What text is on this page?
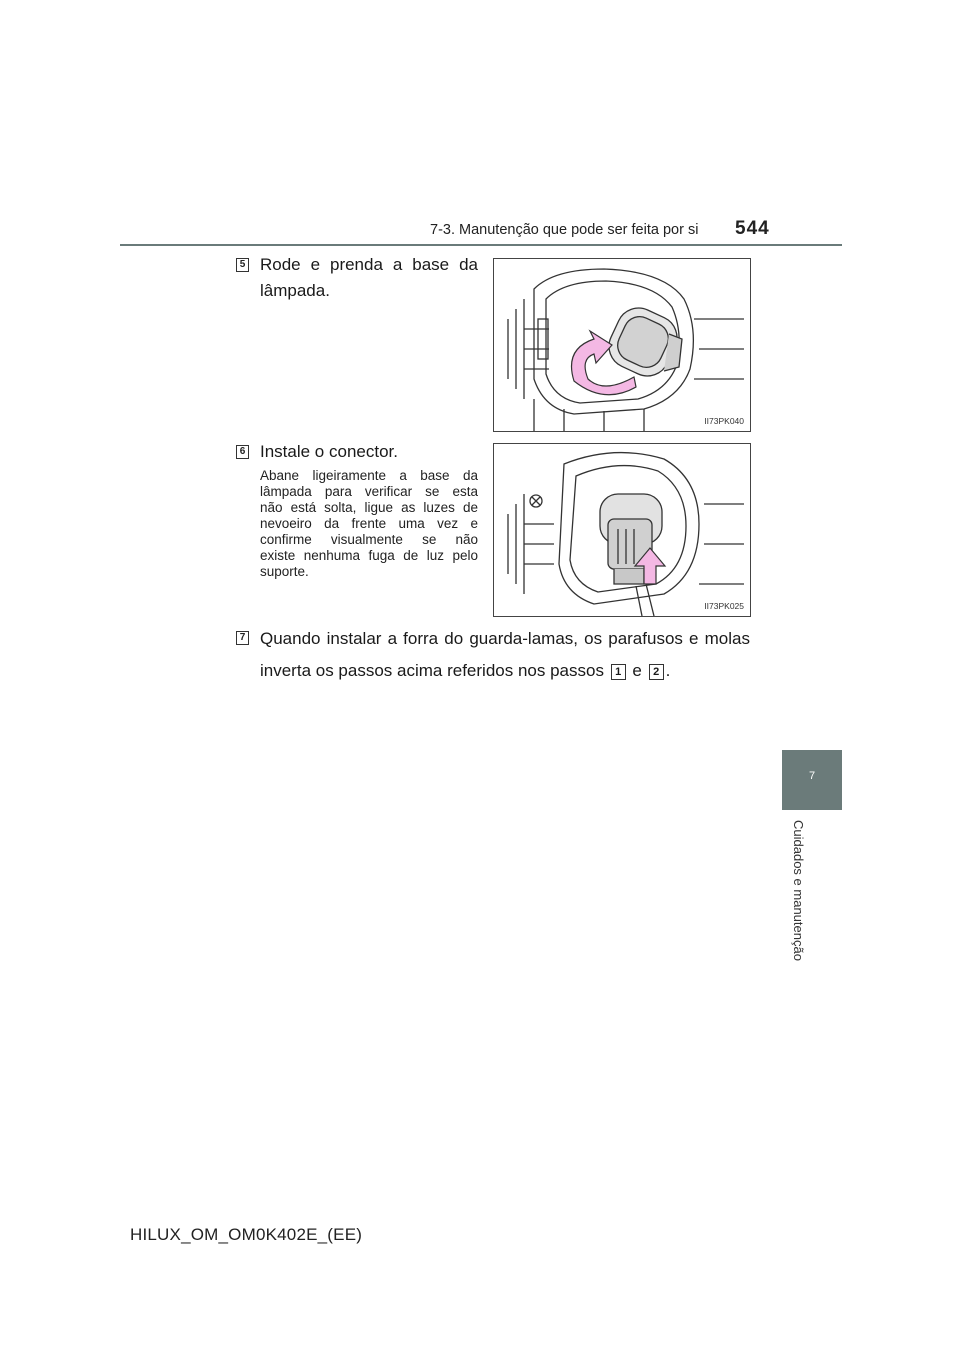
7-3. Manutenção que pode ser feita por si 544
5 Rode e prenda a base da
lâmpada.
II73PK040
6 Instale o conector.
Abane ligeiramente a base da
lâmpada para verificar se esta
não está solta, ligue as luzes de
nevoeiro da frente uma vez e
confirme visualmente se não
existe nenhuma fuga de luz pelo
suporte.
II73PK025
7 Quando instalar a forra do guarda-lamas, os parafusos e molas
inverta os passos acima referidos nos passos 1 e 2 .
7
Cuidados e manutenção
HILUX_OM_OM0K402E_(EE)
